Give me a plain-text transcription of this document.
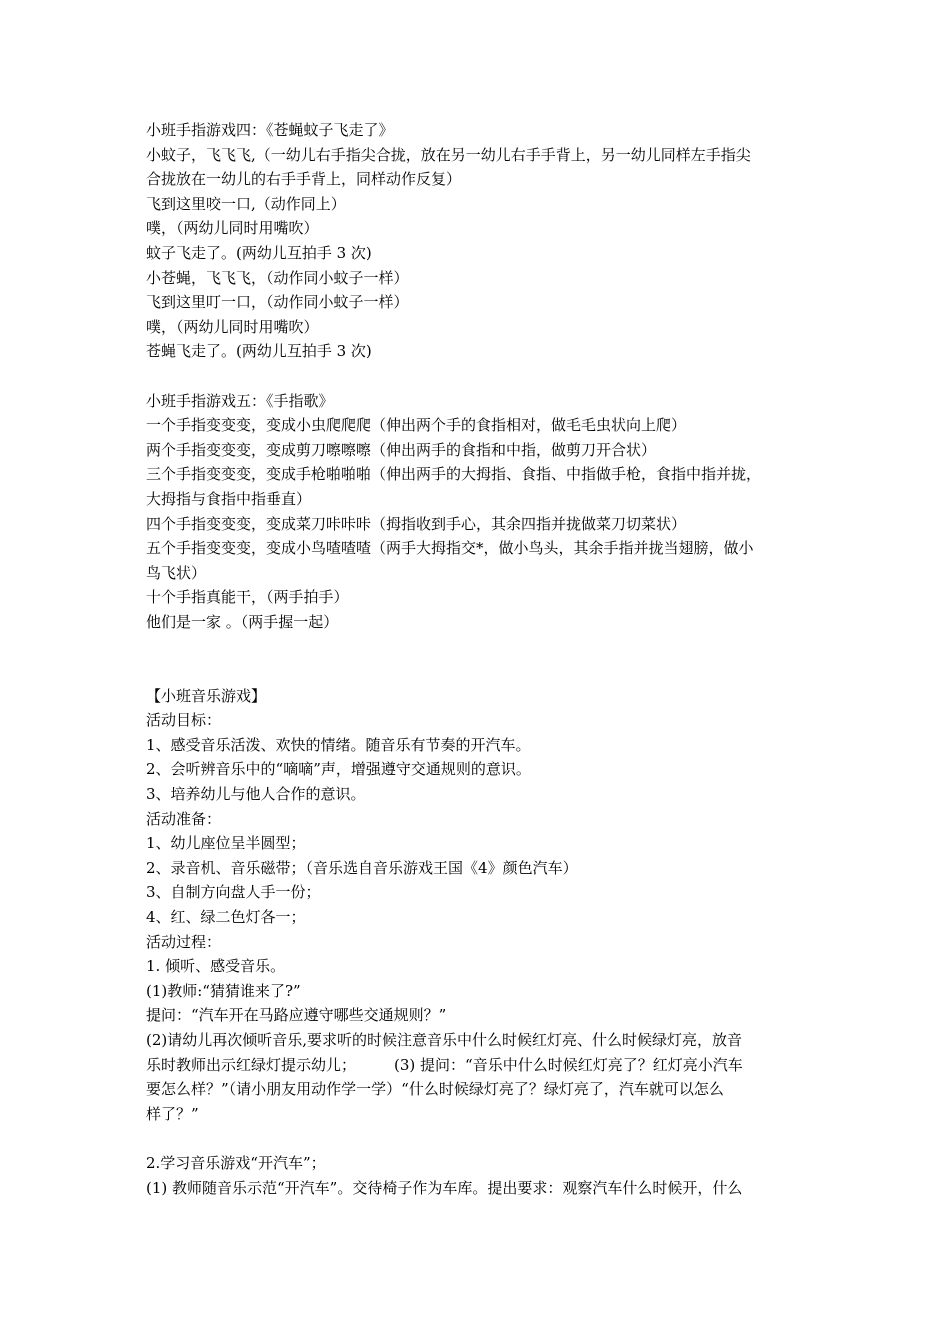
小班手指游戏四：《苍蝇蚊子飞走了》
小蚊子，飞飞飞,（一幼儿右手指尖合拢，放在另一幼儿右手手背上，另一幼儿同样左手指尖
合拢放在一幼儿的右手手背上，同样动作反复）
飞到这里咬一口,（动作同上）
噗，（两幼儿同时用嘴吹）
蚊子飞走了。(两幼儿互拍手 3 次)
小苍蝇，飞飞飞，（动作同小蚊子一样）
飞到这里叮一口，（动作同小蚊子一样）
噗，（两幼儿同时用嘴吹）
苍蝇飞走了。(两幼儿互拍手 3 次)
小班手指游戏五：《手指歌》
一个手指变变变，变成小虫爬爬爬（伸出两个手的食指相对，做毛毛虫状向上爬）
两个手指变变变，变成剪刀嚓嚓嚓（伸出两手的食指和中指，做剪刀开合状）
三个手指变变变，变成手枪啪啪啪（伸出两手的大拇指、食指、中指做手枪，食指中指并拢，
大拇指与食指中指垂直）
四个手指变变变，变成菜刀咔咔咔（拇指收到手心，其余四指并拢做菜刀切菜状）
五个手指变变变，变成小鸟喳喳喳（两手大拇指交*，做小鸟头，其余手指并拢当翅膀，做小
鸟飞状）
十个手指真能干，（两手拍手）
他们是一家 。（两手握一起）
【小班音乐游戏】
活动目标：
1、感受音乐活泼、欢快的情绪。随音乐有节奏的开汽车。
2、会听辨音乐中的“嘀嘀”声，增强遵守交通规则的意识。
3、培养幼儿与他人合作的意识。
活动准备：
1、幼儿座位呈半圆型；
2、录音机、音乐磁带；（音乐选自音乐游戏王国《4》颜色汽车）
3、自制方向盘人手一份；
4、红、绿二色灯各一；
活动过程：
1. 倾听、感受音乐。
(1)教师:“猜猜谁来了?”
提问：“汽车开在马路应遵守哪些交通规则？”
(2)请幼儿再次倾听音乐,要求听的时候注意音乐中什么时候红灯亮、什么时候绿灯亮，放音
乐时教师出示红绿灯提示幼儿；	(3) 提问：“音乐中什么时候红灯亮了？红灯亮小汽车
要怎么样？”（请小朋友用动作学一学）“什么时候绿灯亮了？绿灯亮了，汽车就可以怎么
样了？”
2.学习音乐游戏“开汽车”；
(1) 教师随音乐示范“开汽车”。交待椅子作为车库。提出要求：观察汽车什么时候开，什么
